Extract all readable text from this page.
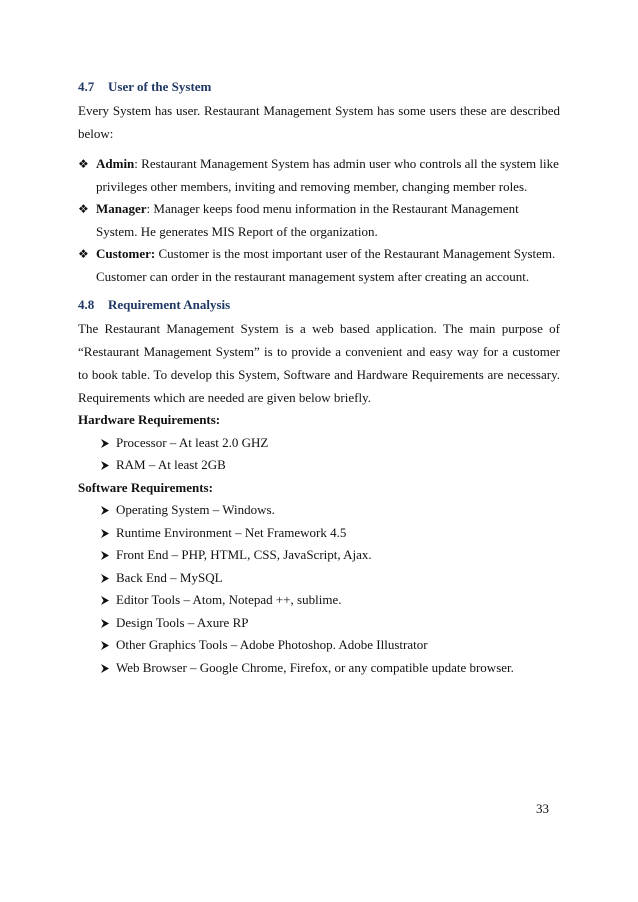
4.7 User of the System

Every System has user. Restaurant Management System has some users these are described below:

❖ Admin: Restaurant Management System has admin user who controls all the system like privileges other members, inviting and removing member, changing member roles.
❖ Manager: Manager keeps food menu information in the Restaurant Management System. He generates MIS Report of the organization.
❖ Customer: Customer is the most important user of the Restaurant Management System. Customer can order in the restaurant management system after creating an account.
4.8 Requirement Analysis

The Restaurant Management System is a web based application. The main purpose of “Restaurant Management System” is to provide a convenient and easy way for a customer to book table. To develop this System, Software and Hardware Requirements are necessary. Requirements which are needed are given below briefly.

Hardware Requirements:

Processor – At least 2.0 GHZ
RAM – At least 2GB

Software Requirements:

Operating System – Windows.
Runtime Environment – Net Framework 4.5
Front End – PHP, HTML, CSS, JavaScript, Ajax.
Back End – MySQL
Editor Tools – Atom, Notepad ++, sublime.
Design Tools – Axure RP
Other Graphics Tools – Adobe Photoshop. Adobe Illustrator
Web Browser – Google Chrome, Firefox, or any compatible update browser.
33
